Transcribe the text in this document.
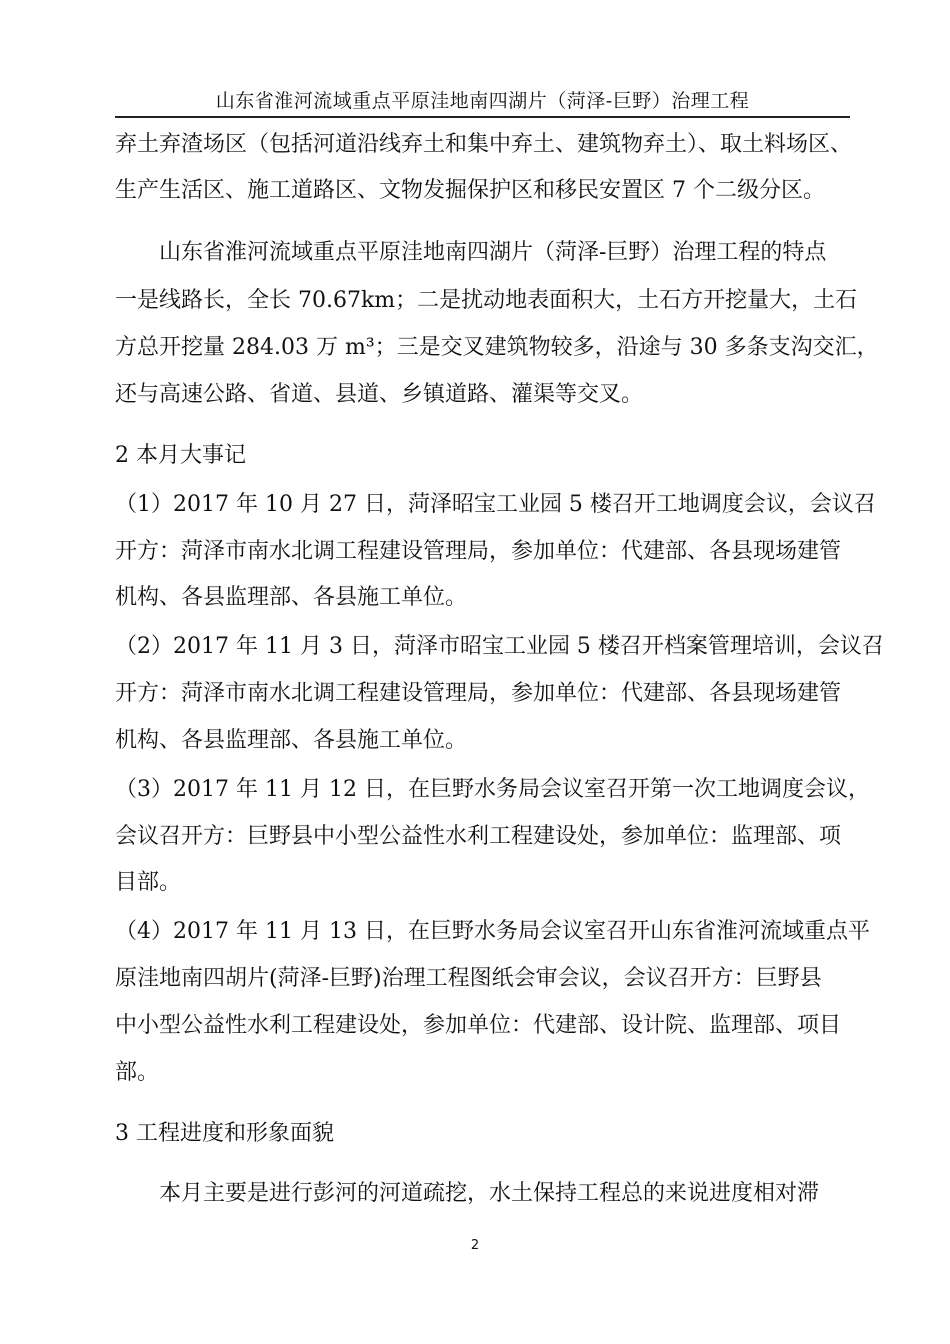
山东省淮河流域重点平原洼地南四湖片（菏泽-巨野）治理工程
弃土弃渣场区（包括河道沿线弃土和集中弃土、建筑物弃土）、取土料场区、
生产生活区、施工道路区、文物发掘保护区和移民安置区 7 个二级分区。
　　山东省淮河流域重点平原洼地南四湖片（菏泽-巨野）治理工程的特点
一是线路长，全长 70.67km；二是扰动地表面积大，土石方开挖量大，土石
方总开挖量 284.03 万 m³；三是交叉建筑物较多，沿途与 30 多条支沟交汇，
还与高速公路、省道、县道、乡镇道路、灌渠等交叉。
2 本月大事记
（1）2017 年 10 月 27 日，菏泽昭宝工业园 5 楼召开工地调度会议，会议召
开方：菏泽市南水北调工程建设管理局，参加单位：代建部、各县现场建管
机构、各县监理部、各县施工单位。
（2）2017 年 11 月 3 日，菏泽市昭宝工业园 5 楼召开档案管理培训，会议召
开方：菏泽市南水北调工程建设管理局，参加单位：代建部、各县现场建管
机构、各县监理部、各县施工单位。
（3）2017 年 11 月 12 日，在巨野水务局会议室召开第一次工地调度会议，
会议召开方：巨野县中小型公益性水利工程建设处，参加单位：监理部、项
目部。
（4）2017 年 11 月 13 日，在巨野水务局会议室召开山东省淮河流域重点平
原洼地南四胡片(菏泽-巨野)治理工程图纸会审会议，会议召开方：巨野县
中小型公益性水利工程建设处，参加单位：代建部、设计院、监理部、项目
部。
3 工程进度和形象面貌
　　本月主要是进行彭河的河道疏挖，水土保持工程总的来说进度相对滞
2
